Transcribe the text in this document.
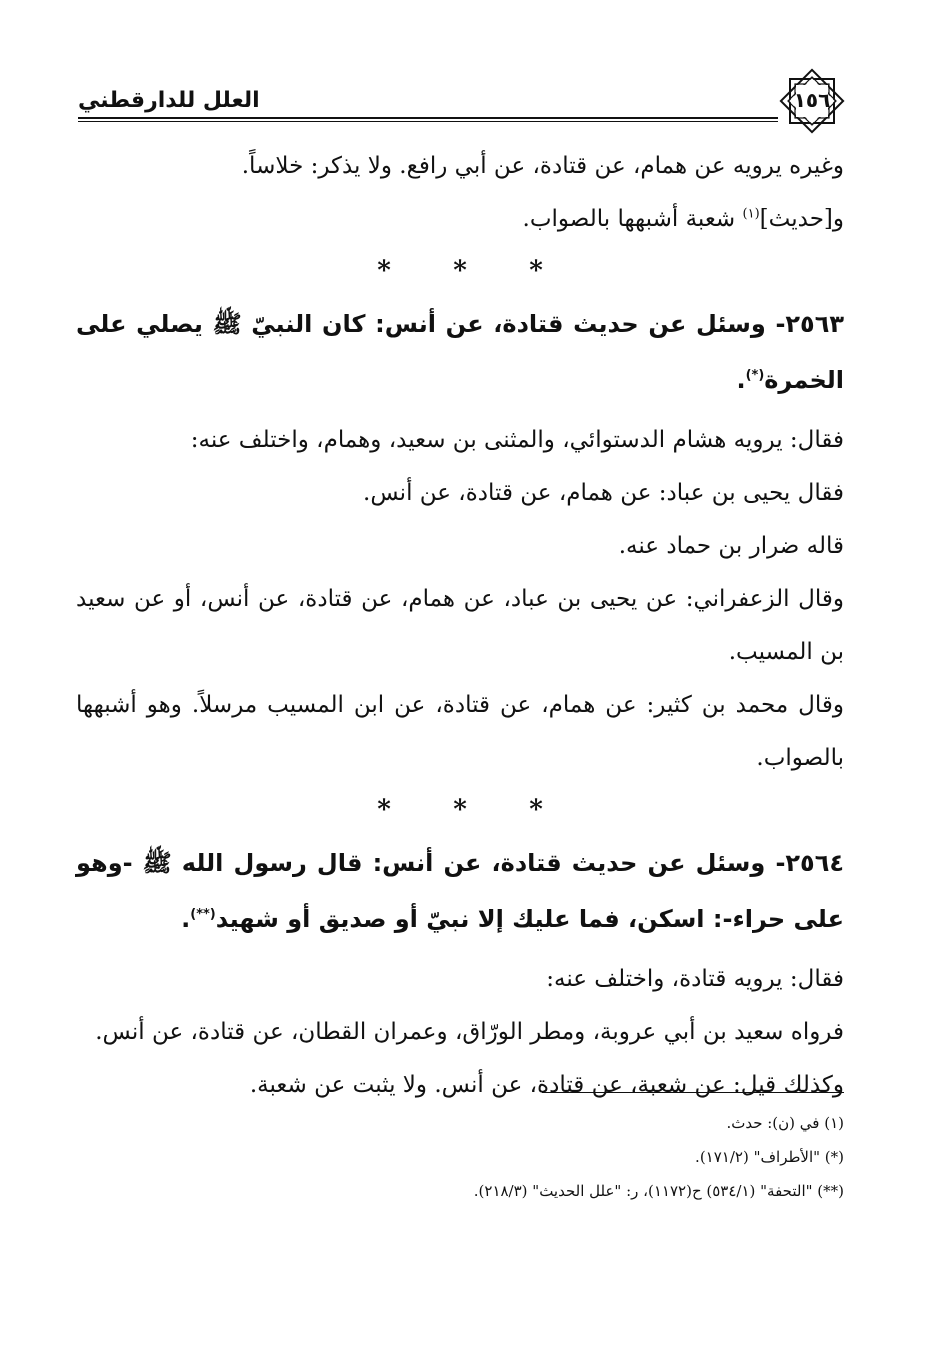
العلل للدارقطني	١٥٦

وغيره يرويه عن همام، عن قتادة، عن أبي رافع. ولا يذكر: خلاساً.

و[حديث]$^{(١)}$ شعبة أشبهها بالصواب.

* * *

٢٥٦٣- وسئل عن حديث قتادة، عن أنس: كان النبيّ ﷺ يصلي على الخمرة(*).

فقال: يرويه هشام الدستوائي، والمثنى بن سعيد، وهمام، واختلف عنه:

فقال يحيى بن عباد: عن همام، عن قتادة، عن أنس.

قاله ضرار بن حماد عنه.

وقال الزعفراني: عن يحيى بن عباد، عن همام، عن قتادة، عن أنس، أو عن سعيد بن المسيب.

وقال محمد بن كثير: عن همام، عن قتادة، عن ابن المسيب مرسلاً. وهو أشبهها بالصواب.

* * *

٢٥٦٤- وسئل عن حديث قتادة، عن أنس: قال رسول الله ﷺ -وهو على حراء-: اسكن، فما عليك إلا نبيّ أو صديق أو شهيد(**).

فقال: يرويه قتادة، واختلف عنه:

فرواه سعيد بن أبي عروبة، ومطر الورّاق، وعمران القطان، عن قتادة، عن أنس.

وكذلك قيل: عن شعبة، عن قتادة، عن أنس. ولا يثبت عن شعبة.

(١) في (ن): حدث.

(*) "الأطراف" (١٧١/٢).

(**) "التحفة" (٥٣٤/١) ح(١١٧٢)، ر: "علل الحديث" (٢١٨/٣).
